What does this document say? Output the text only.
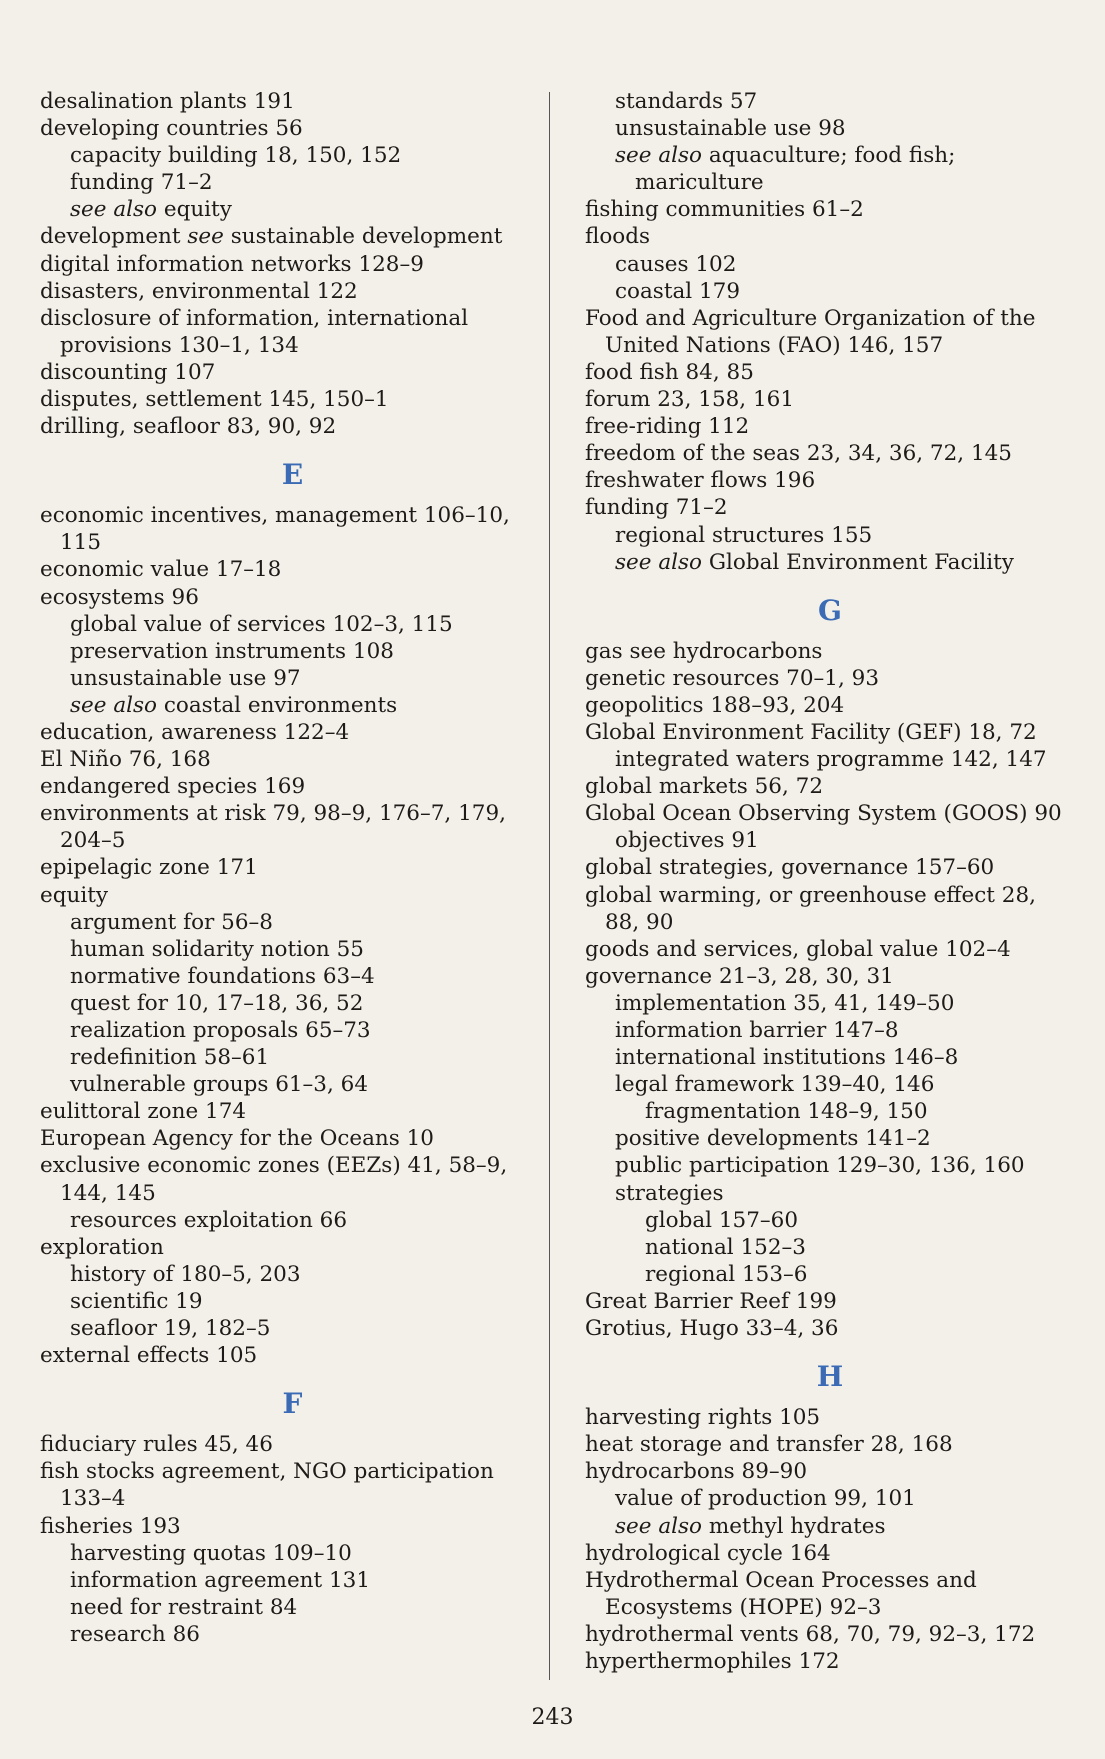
desalination plants 191
developing countries 56
capacity building 18, 150, 152
funding 71–2
see also equity
development see sustainable development
digital information networks 128–9
disasters, environmental 122
disclosure of information, international provisions 130–1, 134
discounting 107
disputes, settlement 145, 150–1
drilling, seafloor 83, 90, 92
E
economic incentives, management 106–10, 115
economic value 17–18
ecosystems 96
global value of services 102–3, 115
preservation instruments 108
unsustainable use 97
see also coastal environments
education, awareness 122–4
El Niño 76, 168
endangered species 169
environments at risk 79, 98–9, 176–7, 179, 204–5
epipelagic zone 171
equity
argument for 56–8
human solidarity notion 55
normative foundations 63–4
quest for 10, 17–18, 36, 52
realization proposals 65–73
redefinition 58–61
vulnerable groups 61–3, 64
eulittoral zone 174
European Agency for the Oceans 10
exclusive economic zones (EEZs) 41, 58–9, 144, 145
resources exploitation 66
exploration
history of 180–5, 203
scientific 19
seafloor 19, 182–5
external effects 105
F
fiduciary rules 45, 46
fish stocks agreement, NGO participation 133–4
fisheries 193
harvesting quotas 109–10
information agreement 131
need for restraint 84
research 86
standards 57
unsustainable use 98
see also aquaculture; food fish; mariculture
fishing communities 61–2
floods
causes 102
coastal 179
Food and Agriculture Organization of the United Nations (FAO) 146, 157
food fish 84, 85
forum 23, 158, 161
free-riding 112
freedom of the seas 23, 34, 36, 72, 145
freshwater flows 196
funding 71–2
regional structures 155
see also Global Environment Facility
G
gas see hydrocarbons
genetic resources 70–1, 93
geopolitics 188–93, 204
Global Environment Facility (GEF) 18, 72
integrated waters programme 142, 147
global markets 56, 72
Global Ocean Observing System (GOOS) 90
objectives 91
global strategies, governance 157–60
global warming, or greenhouse effect 28, 88, 90
goods and services, global value 102–4
governance 21–3, 28, 30, 31
implementation 35, 41, 149–50
information barrier 147–8
international institutions 146–8
legal framework 139–40, 146
fragmentation 148–9, 150
positive developments 141–2
public participation 129–30, 136, 160
strategies
global 157–60
national 152–3
regional 153–6
Great Barrier Reef 199
Grotius, Hugo 33–4, 36
H
harvesting rights 105
heat storage and transfer 28, 168
hydrocarbons 89–90
value of production 99, 101
see also methyl hydrates
hydrological cycle 164
Hydrothermal Ocean Processes and Ecosystems (HOPE) 92–3
hydrothermal vents 68, 70, 79, 92–3, 172
hyperthermophiles 172
243
